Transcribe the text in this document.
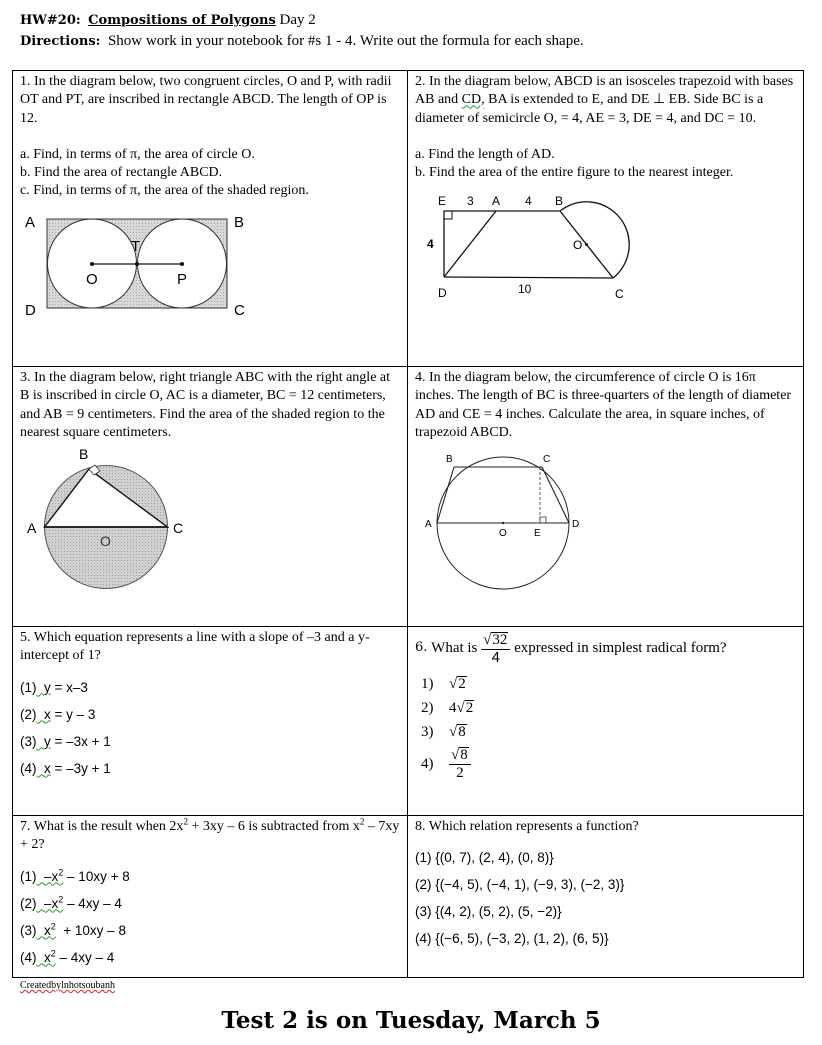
HW#20: Compositions of Polygons Day 2
Directions: Show work in your notebook for #s 1 - 4. Write out the formula for each shape.

1. In the diagram below, two congruent circles, O and P, with radii OT and PT, are inscribed in rectangle ABCD. The length of OP is 12.

a. Find, in terms of π, the area of circle O.
b. Find the area of rectangle ABCD.
c. Find, in terms of π, the area of the shaded region.
A	B
C
D
O	P
T

2. In the diagram below, ABCD is an isosceles trapezoid with bases AB and CD, BA is extended to E, and DE ⊥ EB. Side BC is a diameter of semicircle O, = 4, AE = 3, DE = 4, and DC = 10.

a. Find the length of AD.
b. Find the area of the entire figure to the nearest integer.
E 3 A 4 B
4	O
D	10	C

3. In the diagram below, right triangle ABC with the right angle at B is inscribed in circle O, AC is a diameter, BC = 12 centimeters, and AB = 9 centimeters. Find the area of the shaded region to the nearest square centimeters.

B
A	C
O

4. In the diagram below, the circumference of circle O is 16π inches. The length of BC is three-quarters of the length of diameter AD and CE = 4 inches. Calculate the area, in square inches, of trapezoid ABCD.

B	C
A	D
O	E

5. Which equation represents a line with a slope of –3 and a y-intercept of 1?

(1) y = x–3
(2) x = y – 3
(3) y = –3x + 1
(4) x = –3y + 1
6.
What is
$\frac{√32}{4}$
expressed in simplest radical form?
1) √2
2) 4√2
3) √8
4)	$\frac{√8}{2}$

7. What is the result when $2x^2 + 3xy - 6$ is subtracted from $x^2 - 7xy + 2$?

(1) $-x^2 - 10xy + 8$
(2) $-x^2 - 4xy - 4$
(3) $x^2 + 10xy - 8$
(4) $x^2 - 4xy - 4$

8. Which relation represents a function?

(1) {(0, 7), (2, 4), (0, 8)}
(2) {(−4, 5), (−4, 1), (−9, 3), (−2, 3)}
(3) {(4, 2), (5, 2), (5, −2)}
(4) {(−6, 5), (−3, 2), (1, 2), (6, 5)}
Createdbylnhotsoubanh
Test 2 is on Tuesday, March 5
